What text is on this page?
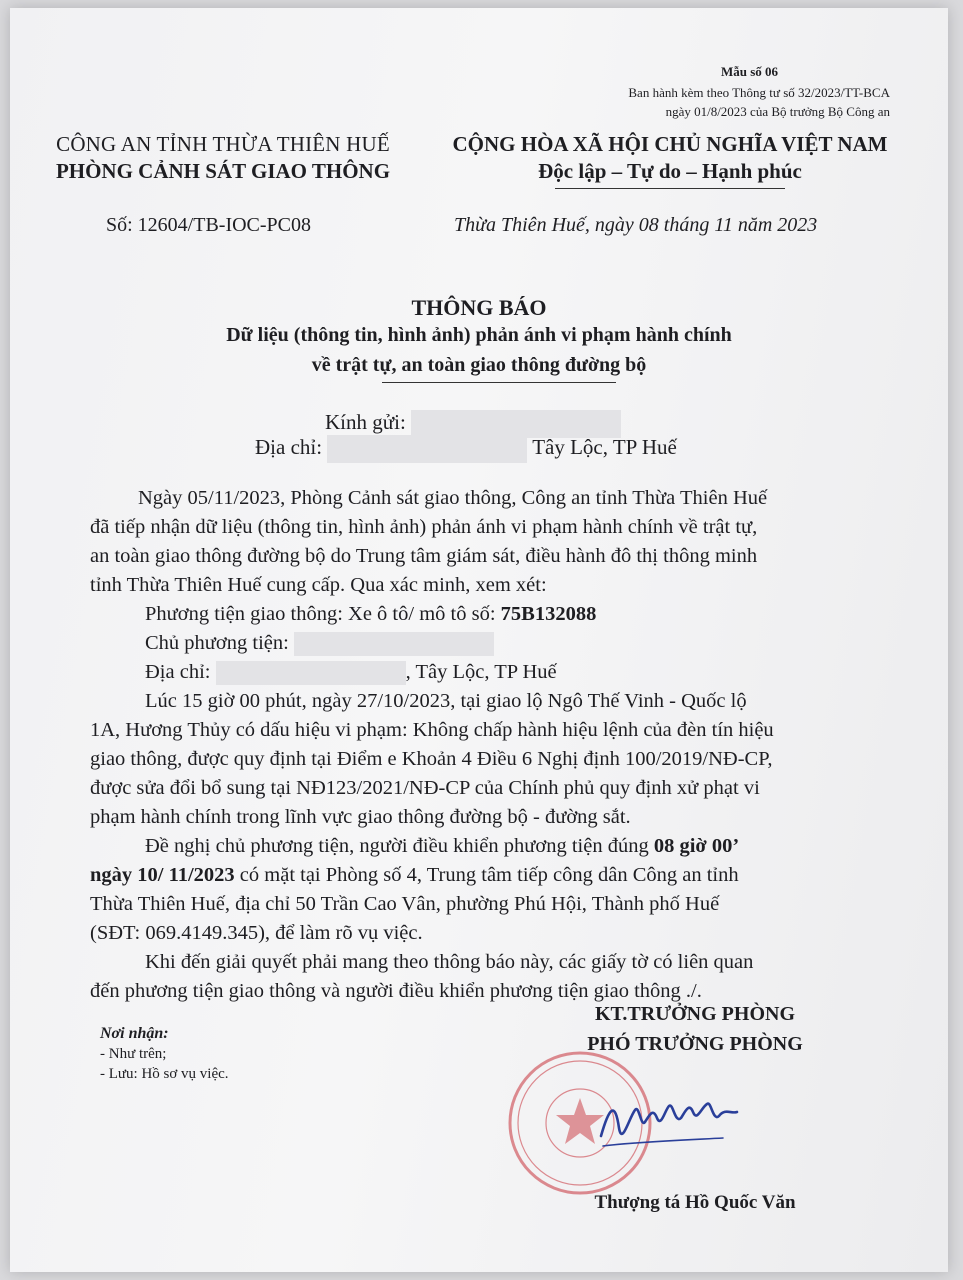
Mẫu số 06
Ban hành kèm theo Thông tư số 32/2023/TT-BCA
ngày 01/8/2023 của Bộ trưởng Bộ Công an
CÔNG AN TỈNH THỪA THIÊN HUẾ
PHÒNG CẢNH SÁT GIAO THÔNG
CỘNG HÒA XÃ HỘI CHỦ NGHĨA VIỆT NAM
Độc lập – Tự do – Hạnh phúc
Số: 12604/TB-IOC-PC08	Thừa Thiên Huế, ngày 08 tháng 11 năm 2023
THÔNG BÁO
Dữ liệu (thông tin, hình ảnh) phản ánh vi phạm hành chính
về trật tự, an toàn giao thông đường bộ
Kính gửi:
Địa chỉ:	Tây Lộc, TP Huế
Ngày 05/11/2023, Phòng Cảnh sát giao thông, Công an tỉnh Thừa Thiên Huế
đã tiếp nhận dữ liệu (thông tin, hình ảnh) phản ánh vi phạm hành chính về trật tự,
an toàn giao thông đường bộ do Trung tâm giám sát, điều hành đô thị thông minh
tỉnh Thừa Thiên Huế cung cấp. Qua xác minh, xem xét:
Phương tiện giao thông: Xe ô tô/ mô tô số: 75B132088
Chủ phương tiện:
Địa chỉ:	, Tây Lộc, TP Huế
Lúc 15 giờ 00 phút, ngày 27/10/2023, tại giao lộ Ngô Thế Vinh - Quốc lộ
1A, Hương Thủy có dấu hiệu vi phạm: Không chấp hành hiệu lệnh của đèn tín hiệu
giao thông, được quy định tại Điểm e Khoản 4 Điều 6 Nghị định 100/2019/NĐ-CP,
được sửa đổi bổ sung tại NĐ123/2021/NĐ-CP của Chính phủ quy định xử phạt vi
phạm hành chính trong lĩnh vực giao thông đường bộ - đường sắt.
Đề nghị chủ phương tiện, người điều khiển phương tiện đúng 08 giờ 00’
ngày 10/ 11/2023 có mặt tại Phòng số 4, Trung tâm tiếp công dân Công an tỉnh
Thừa Thiên Huế, địa chỉ 50 Trần Cao Vân, phường Phú Hội, Thành phố Huế
(SĐT: 069.4149.345), để làm rõ vụ việc.
Khi đến giải quyết phải mang theo thông báo này, các giấy tờ có liên quan
đến phương tiện giao thông và người điều khiển phương tiện giao thông ./.
Nơi nhận:
- Như trên;
- Lưu: Hồ sơ vụ việc.
KT.TRƯỞNG PHÒNG
PHÓ TRƯỞNG PHÒNG
Thượng tá Hồ Quốc Văn
